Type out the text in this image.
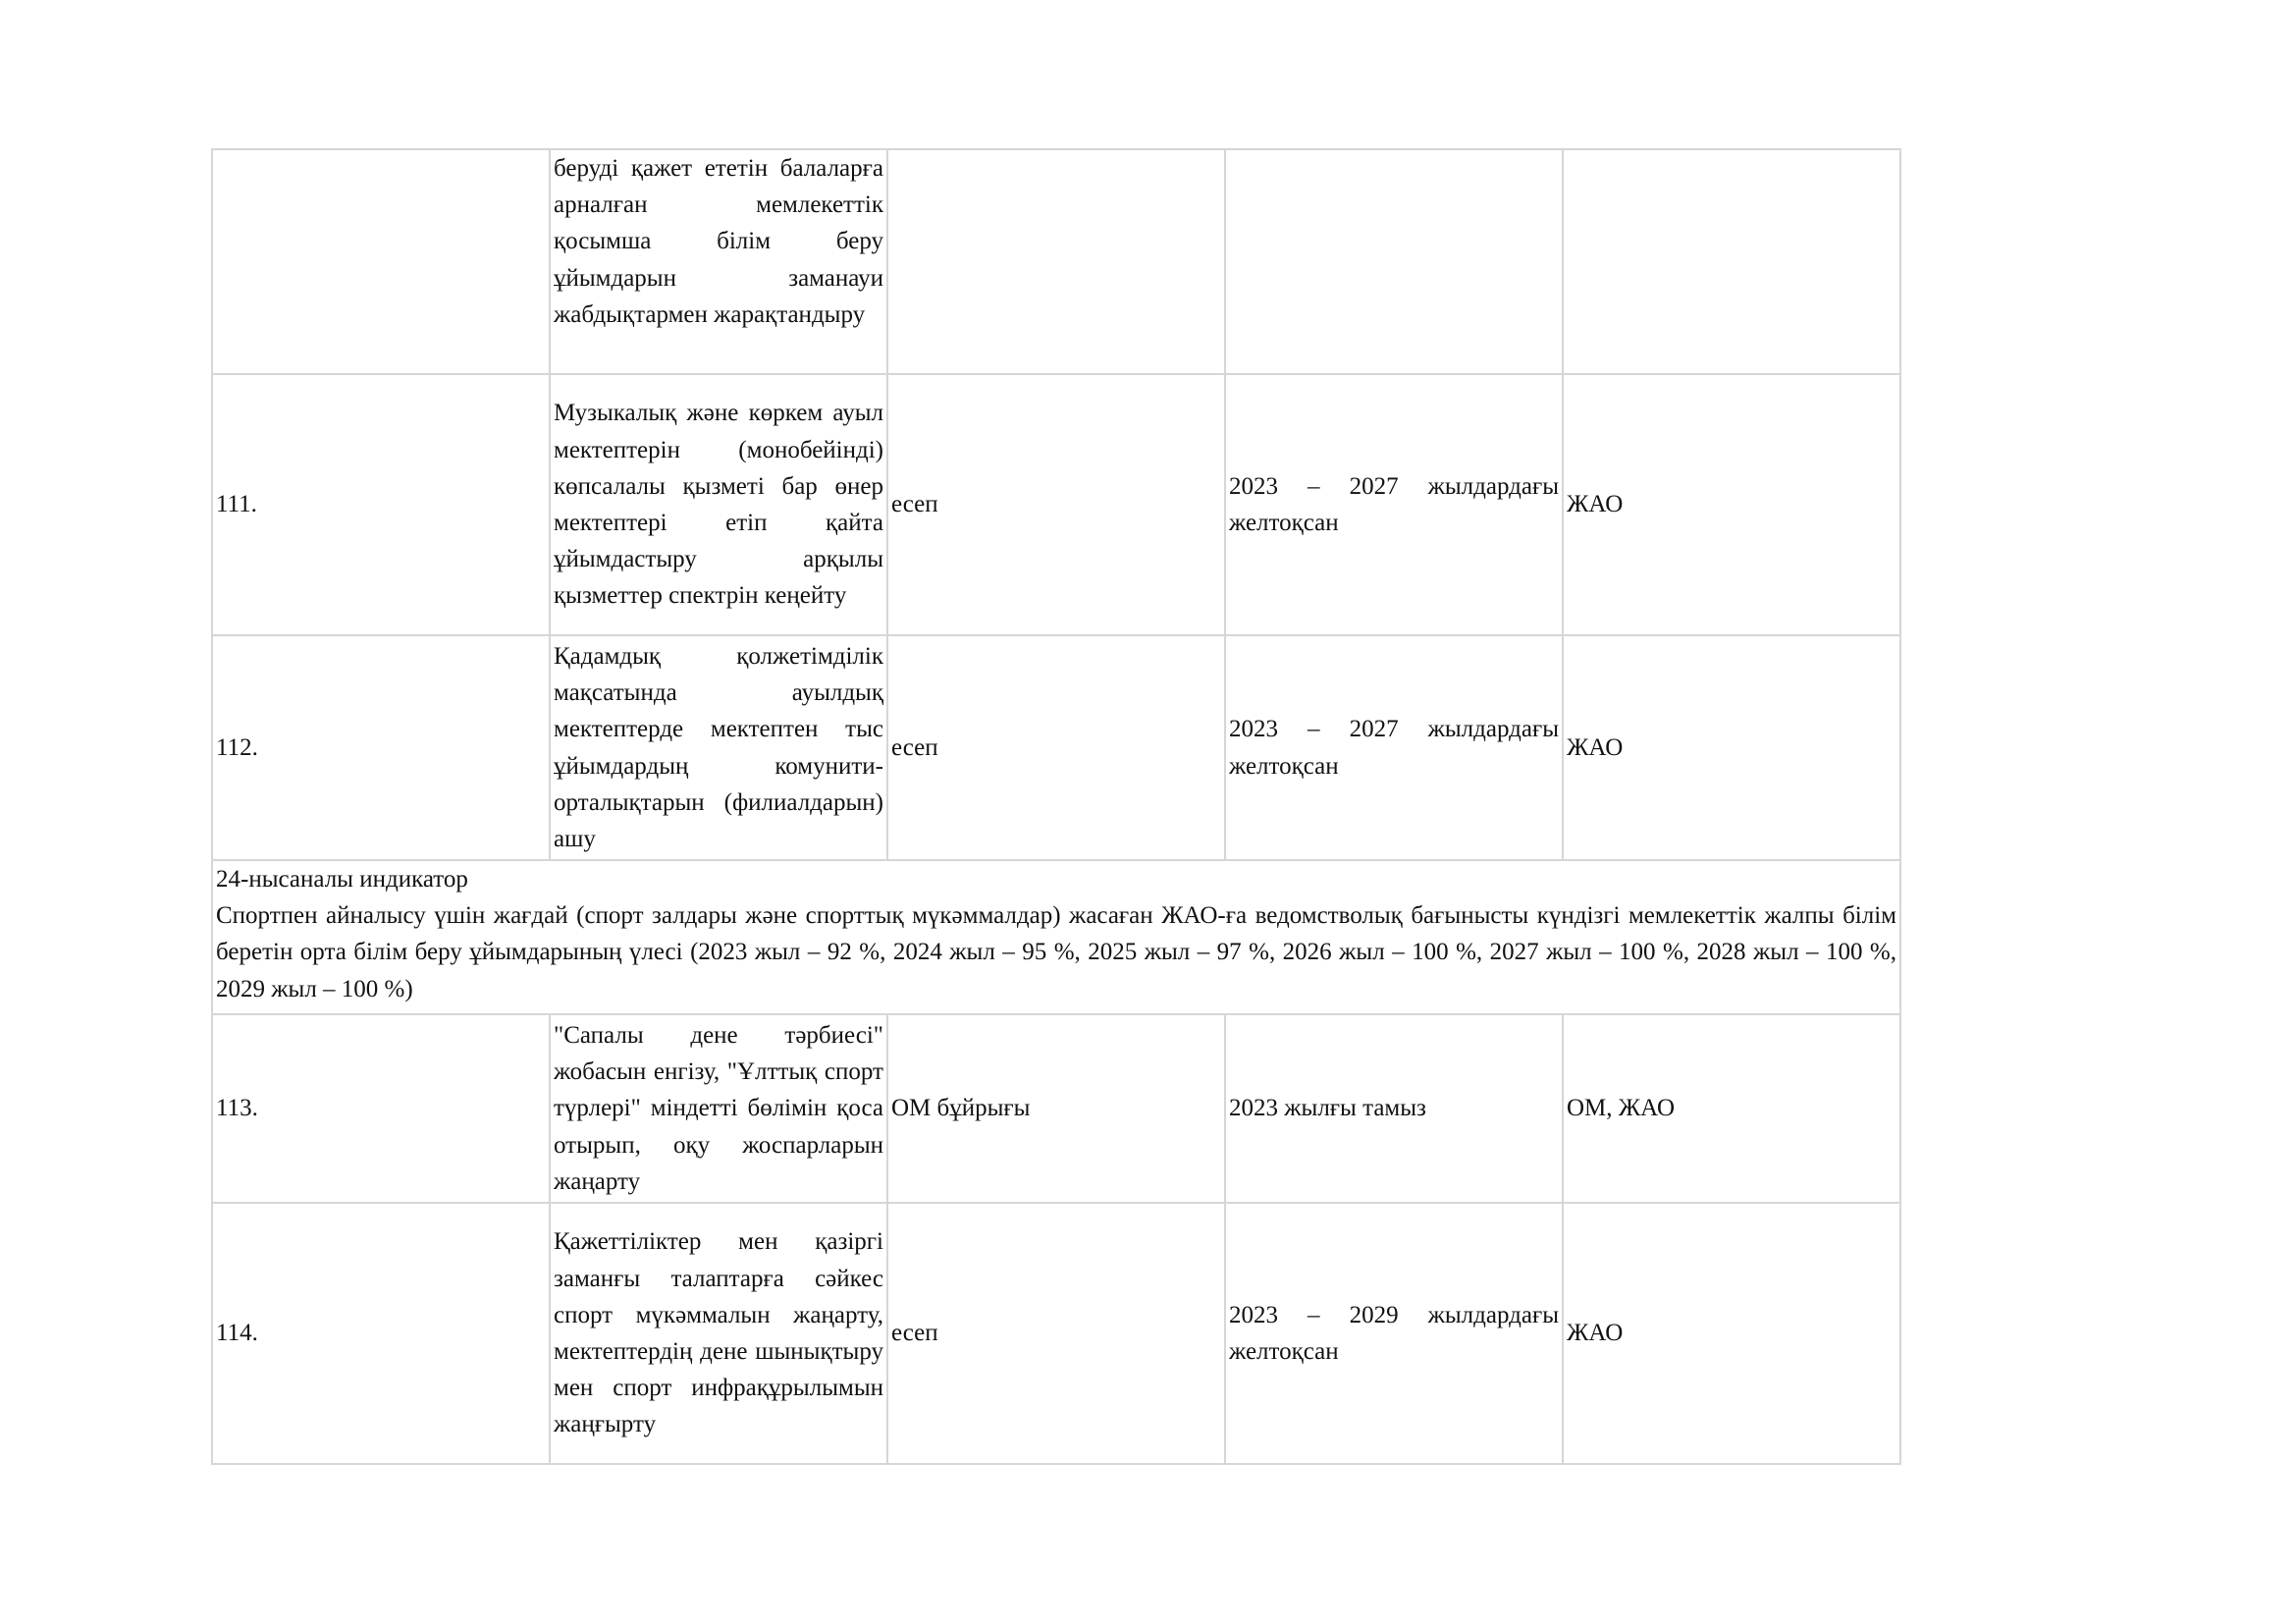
	беруді қажет ететін балаларға арналған мемлекеттік қосымша білім беру ұйымдарын заманауи жабдықтармен жарақтандыру			

111.	Музыкалық және көркем ауыл мектептерін (монобейінді) көпсалалы қызметі бар өнер мектептері етіп қайта ұйымдастыру арқылы қызметтер спектрін кеңейту	есеп	2023 – 2027 жылдардағы желтоқсан	ЖАО
112.	Қадамдық қолжетімділік мақсатында ауылдық мектептерде мектептен тыс ұйымдардың комунити-орталықтарын (филиалдарын) ашу	есеп	2023 – 2027 жылдардағы желтоқсан	ЖАО

24-нысаналы индикатор
Спортпен айналысу үшін жағдай (спорт залдары және спорттық мүкәммалдар) жасаған ЖАО-ға ведомстволық бағынысты күндізгі мемлекеттік жалпы білім беретін орта білім беру ұйымдарының үлесі (2023 жыл – 92 %, 2024 жыл – 95 %, 2025 жыл – 97 %, 2026 жыл – 100 %, 2027 жыл – 100 %, 2028 жыл – 100 %, 2029 жыл – 100 %)				

113.	"Сапалы дене тәрбиесі" жобасын енгізу, "Ұлттық спорт түрлері" міндетті бөлімін қоса отырып, оқу жоспарларын жаңарту	ОМ бұйрығы	2023 жылғы тамыз	ОМ, ЖАО
114.	Қажеттіліктер мен қазіргі заманғы талаптарға сәйкес спорт мүкәммалын жаңарту, мектептердің дене шынықтыру мен спорт инфрақұрылымын жаңғырту	есеп	2023 – 2029 жылдардағы желтоқсан	ЖАО
